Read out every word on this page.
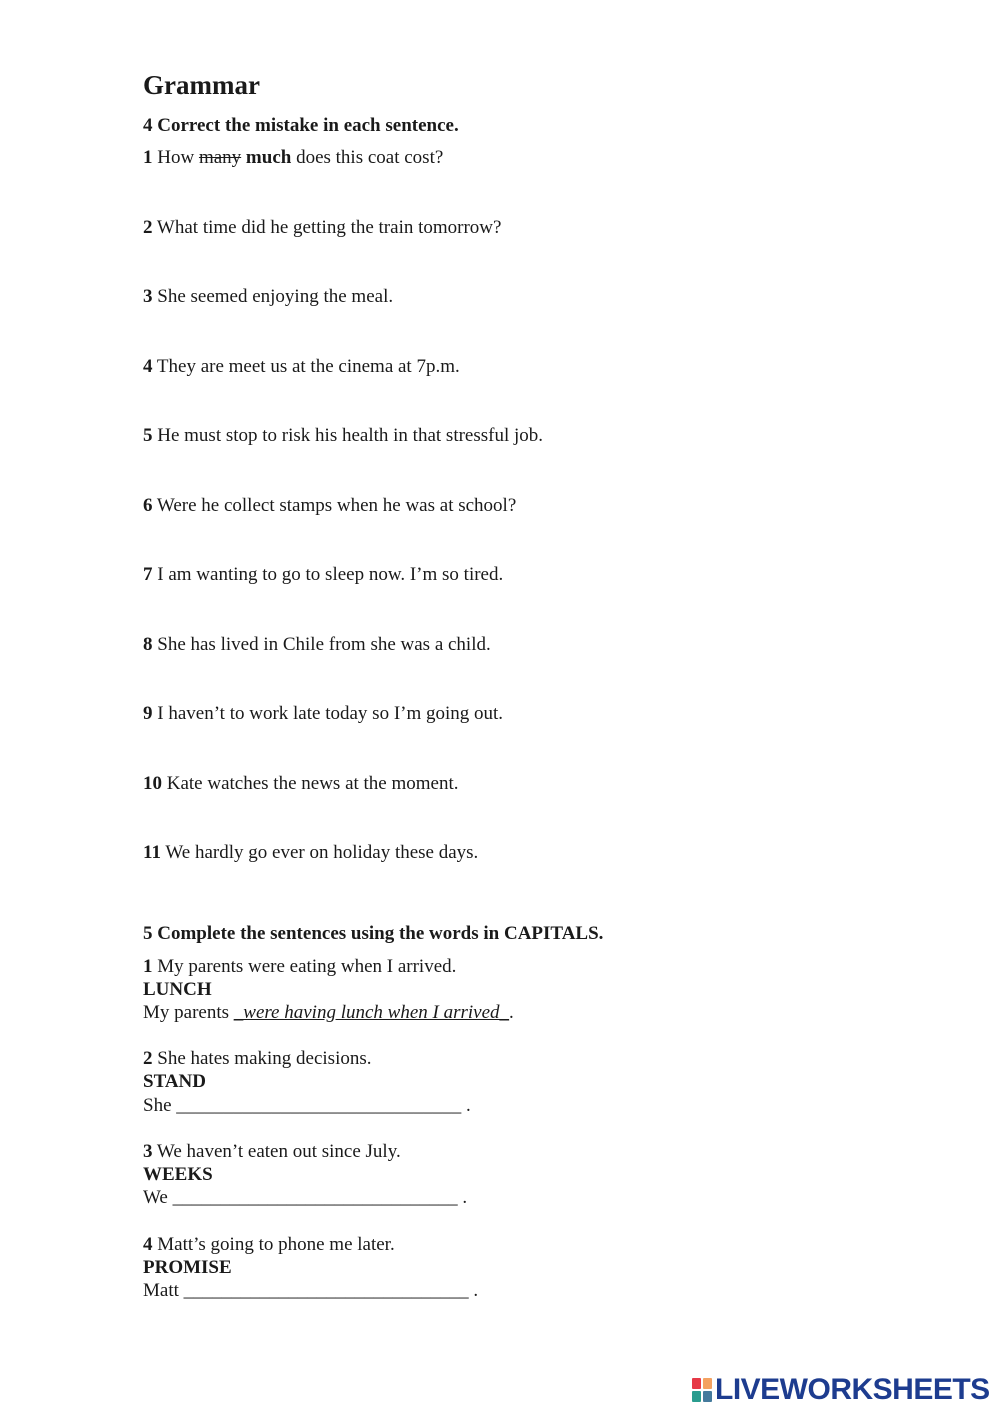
Grammar

4 Correct the mistake in each sentence.

1 How many much does this coat cost?

2 What time did he getting the train tomorrow?

3 She seemed enjoying the meal.

4 They are meet us at the cinema at 7p.m.

5 He must stop to risk his health in that stressful job.

6 Were he collect stamps when he was at school?

7 I am wanting to go to sleep now. I’m so tired.

8 She has lived in Chile from she was a child.

9 I haven’t to work late today so I’m going out.

10 Kate watches the news at the moment.

11 We hardly go ever on holiday these days.

5 Complete the sentences using the words in CAPITALS.

1 My parents were eating when I arrived.

LUNCH

My parents _were having lunch when I arrived_.

2 She hates making decisions.

STAND

She ______________________________ .

3 We haven’t eaten out since July.

WEEKS

We ______________________________ .

4 Matt’s going to phone me later.

PROMISE

Matt ______________________________ .

LIVEWORKSHEETS
